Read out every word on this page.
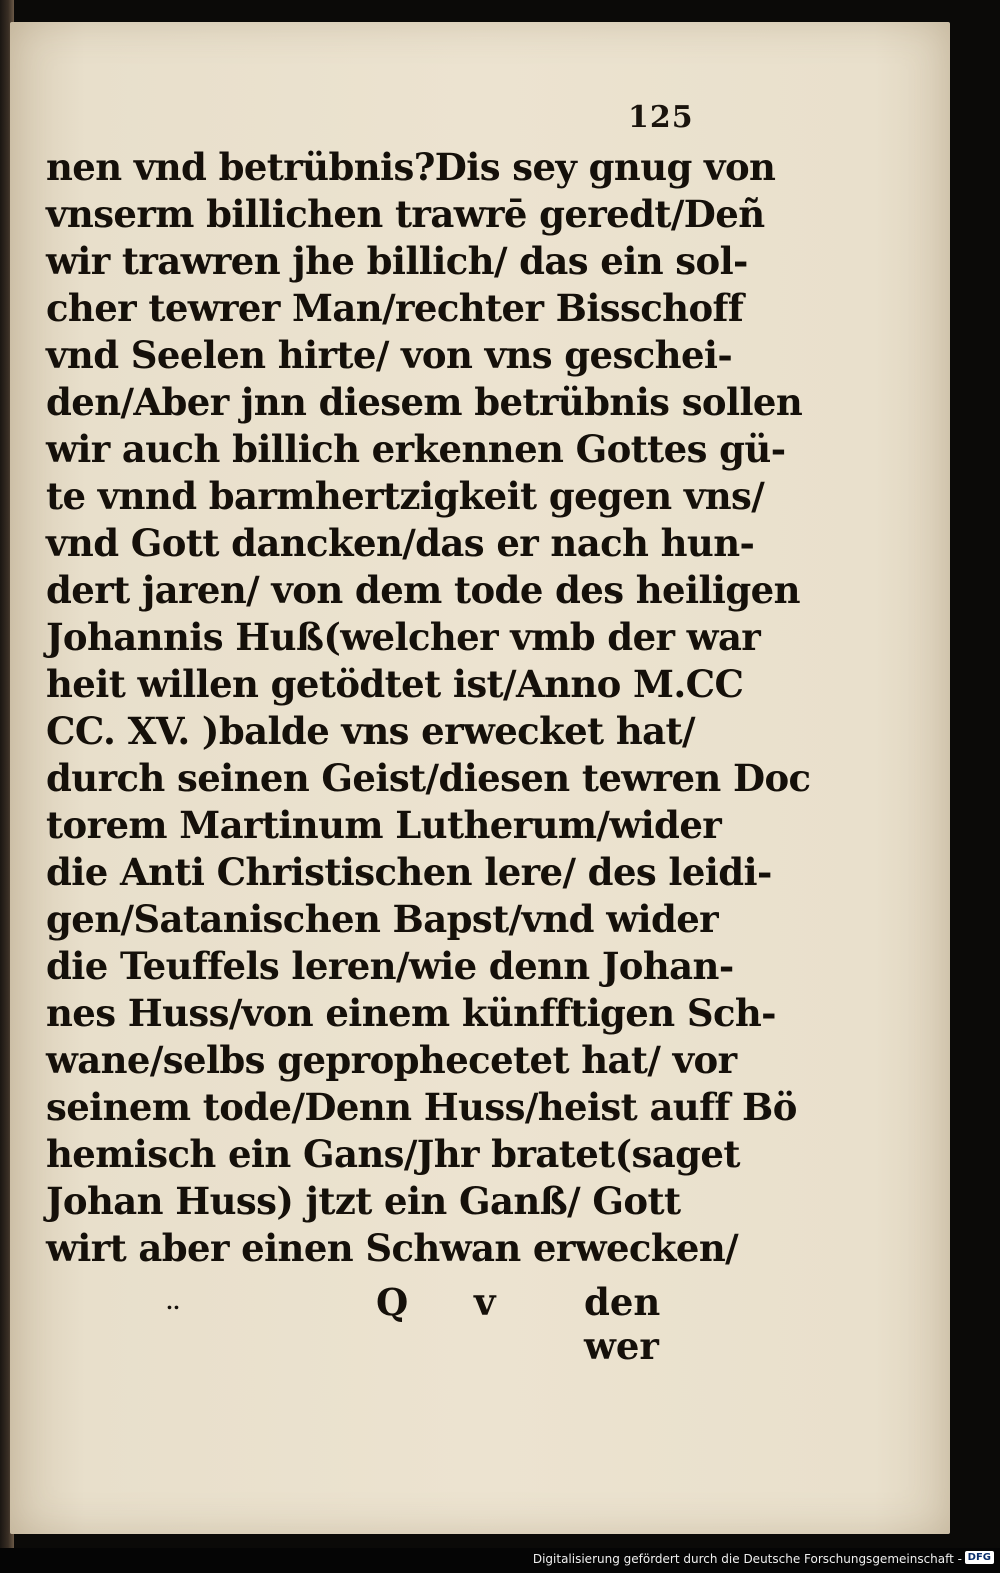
125
nen vnd betrübnis?Dis sey gnug von
vnserm billichen trawrē geredt/Deñ
wir trawren jhe billich/ das ein sol-
cher tewrer Man/rechter Bisschoff
vnd Seelen hirte/ von vns geschei-
den/Aber jnn diesem betrübnis sollen
wir auch billich erkennen Gottes gü-
te vnnd barmhertzigkeit gegen vns/
vnd Gott dancken/das er nach hun-
dert jaren/ von dem tode des heiligen
Johannis Huß(welcher vmb der war
heit willen getödtet ist/Anno M.CC
CC. XV. )balde vns erwecket hat/
durch seinen Geist/diesen tewren Doc
torem Martinum Lutherum/wider
die Anti Christischen lere/ des leidi-
gen/Satanischen Bapst/vnd wider
die Teuffels leren/wie denn Johan-
nes Huss/von einem künfftigen Sch-
wane/selbs geprophecetet hat/ vor
seinem tode/Denn Huss/heist auff Bö
hemisch ein Gans/Jhr bratet(saget
Johan Huss) jtzt ein Ganß/ Gott
wirt aber einen Schwan erwecken/
..	Q v den wer
Digitalisierung gefördert durch die Deutsche Forschungsgemeinschaft - DFG
